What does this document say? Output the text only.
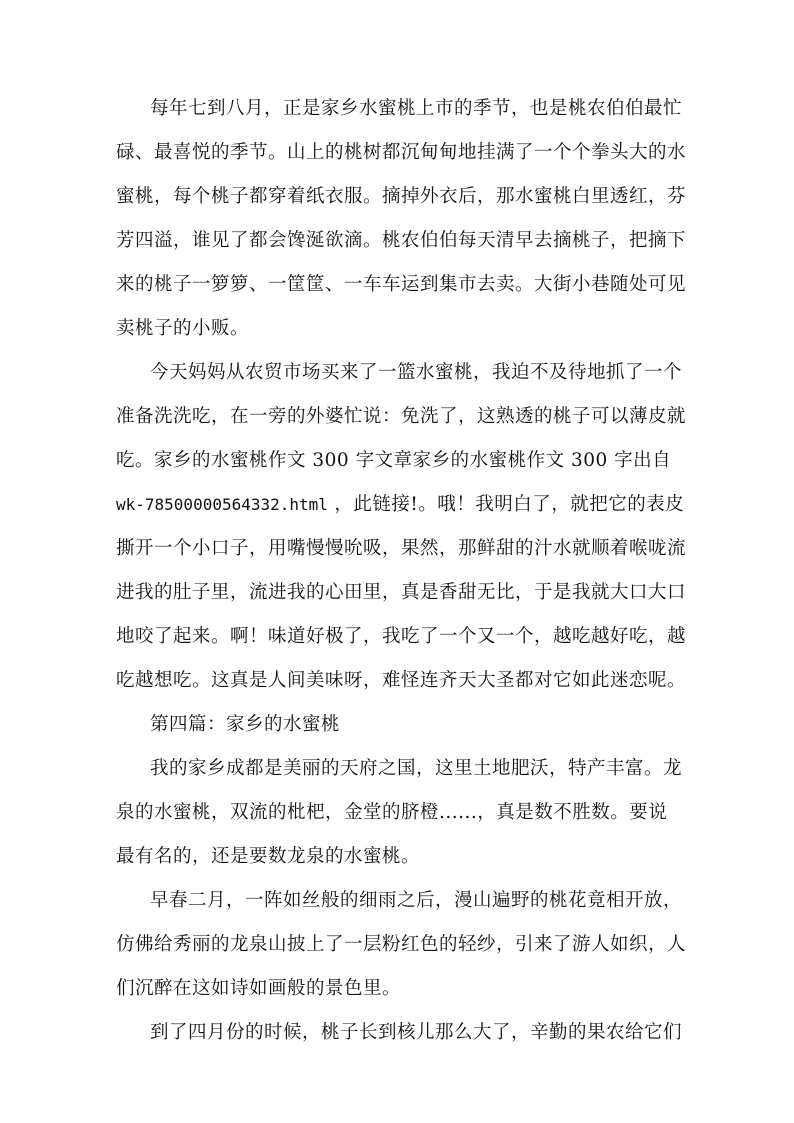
每年七到八月，正是家乡水蜜桃上市的季节，也是桃农伯伯最忙
碌、最喜悦的季节。山上的桃树都沉甸甸地挂满了一个个拳头大的水
蜜桃，每个桃子都穿着纸衣服。摘掉外衣后，那水蜜桃白里透红，芬
芳四溢，谁见了都会馋涎欲滴。桃农伯伯每天清早去摘桃子，把摘下
来的桃子一箩箩、一筐筐、一车车运到集市去卖。大街小巷随处可见
卖桃子的小贩。
今天妈妈从农贸市场买来了一篮水蜜桃，我迫不及待地抓了一个
准备洗洗吃，在一旁的外婆忙说：免洗了，这熟透的桃子可以薄皮就
吃。家乡的水蜜桃作文 300 字文章家乡的水蜜桃作文 300 字出自
wk-78500000564332.html ，此链接!。哦！我明白了，就把它的表皮
撕开一个小口子，用嘴慢慢吮吸，果然，那鲜甜的汁水就顺着喉咙流
进我的肚子里，流进我的心田里，真是香甜无比，于是我就大口大口
地咬了起来。啊！味道好极了，我吃了一个又一个，越吃越好吃，越
吃越想吃。这真是人间美味呀，难怪连齐天大圣都对它如此迷恋呢。
第四篇：家乡的水蜜桃
我的家乡成都是美丽的天府之国，这里土地肥沃，特产丰富。龙
泉的水蜜桃，双流的枇杷，金堂的脐橙......，真是数不胜数。要说
最有名的，还是要数龙泉的水蜜桃。
早春二月，一阵如丝般的细雨之后，漫山遍野的桃花竟相开放，
仿佛给秀丽的龙泉山披上了一层粉红色的轻纱，引来了游人如织，人
们沉醉在这如诗如画般的景色里。
到了四月份的时候，桃子长到核儿那么大了，辛勤的果农给它们
